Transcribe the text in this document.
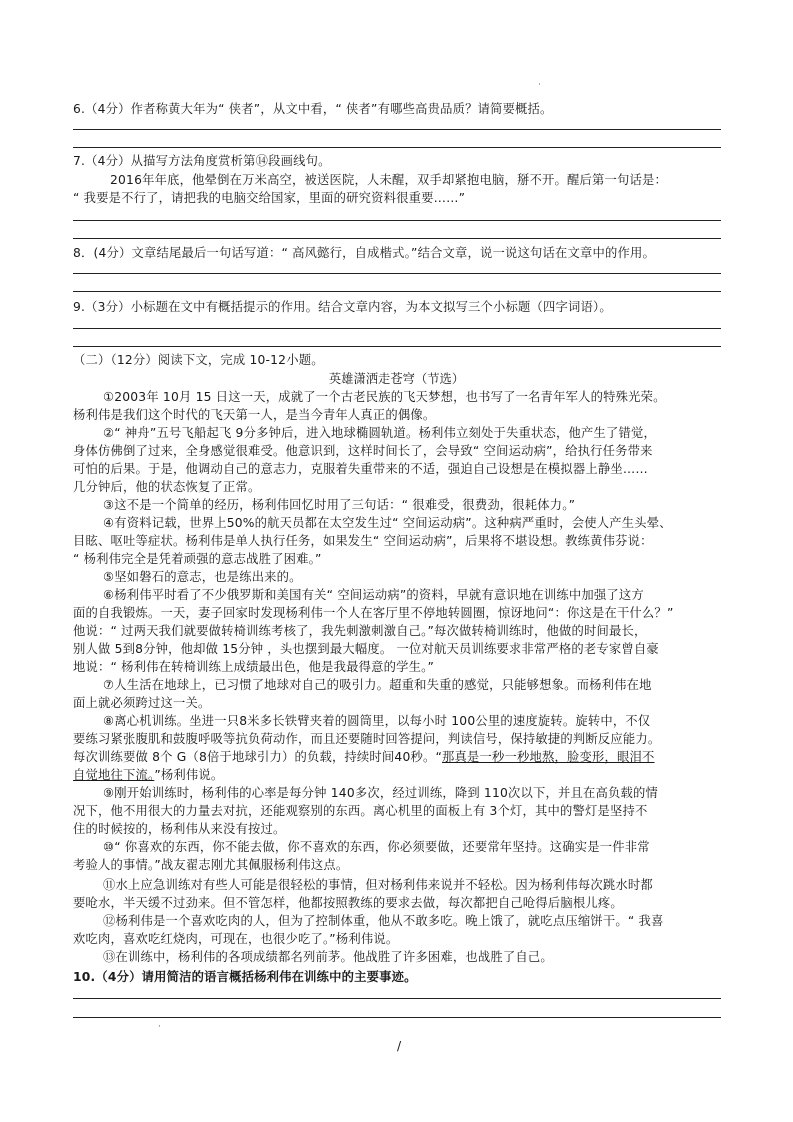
·
6.（4分）作者称黄大年为“ 侠者”，从文中看，“ 侠者”有哪些高贵品质？请简要概括。
7.（4分）从描写方法角度赏析第⑭段画线句。
2016年年底，他晕倒在万米高空，被送医院，人未醒，双手却紧抱电脑，掰不开。醒后第一句话是：
“ 我要是不行了，请把我的电脑交给国家，里面的研究资料很重要……”
8．(4分）文章结尾最后一句话写道：“ 高风懿行，自成楷式。”结合文章，说一说这句话在文章中的作用。
9.（3分）小标题在文中有概括提示的作用。结合文章内容，为本文拟写三个小标题（四字词语）。
（二）（12分）阅读下文，完成 10-12小题。
英雄潇洒走苍穹（节选）
①2003年 10月 15 日这一天，成就了一个古老民族的飞天梦想，也书写了一名青年军人的特殊光荣。
杨利伟是我们这个时代的飞天第一人，是当今青年人真正的偶像。
②“ 神舟”五号飞船起飞 9分多钟后，进入地球椭圆轨道。杨利伟立刻处于失重状态，他产生了错觉，
身体仿佛倒了过来，全身感觉很难受。他意识到，这样时间长了，会导致“ 空间运动病”，给执行任务带来
可怕的后果。于是，他调动自己的意志力，克服着失重带来的不适，强迫自己设想是在模拟器上静坐……
几分钟后，他的状态恢复了正常。
③这不是一个简单的经历，杨利伟回忆时用了三句话：“ 很难受，很费劲，很耗体力。”
④有资料记载，世界上50%的航天员都在太空发生过“ 空间运动病”。这种病严重时，会使人产生头晕、
目眩、呕吐等症状。杨利伟是单人执行任务，如果发生“ 空间运动病”，后果将不堪设想。教练黄伟芬说：
“ 杨利伟完全是凭着顽强的意志战胜了困难。”
⑤坚如磐石的意志，也是练出来的。
⑥杨利伟平时看了不少俄罗斯和美国有关“ 空间运动病”的资料，早就有意识地在训练中加强了这方
面的自我锻炼。一天，妻子回家时发现杨利伟一个人在客厅里不停地转圆圈，惊讶地问“：你这是在干什么？”
他说：“ 过两天我们就要做转椅训练考核了，我先刺激刺激自己。”每次做转椅训练时，他做的时间最长，
别人做 5到8分钟，他却做 15分钟 ，头也摆到最大幅度。 一位对航天员训练要求非常严格的老专家曾自豪
地说：“ 杨利伟在转椅训练上成绩最出色，他是我最得意的学生。”
⑦人生活在地球上，已习惯了地球对自己的吸引力。超重和失重的感觉，只能够想象。而杨利伟在地
面上就必须跨过这一关。
⑧离心机训练。坐进一只8米多长铁臂夹着的圆筒里，以每小时 100公里的速度旋转。旋转中，不仅
要练习紧张腹肌和鼓腹呼吸等抗负荷动作，而且还要随时回答提问，判读信号，保持敏捷的判断反应能力。
每次训练要做 8个 G（8倍于地球引力）的负载，持续时间40秒。“那真是一秒一秒地熬，脸变形，眼泪不
自觉地往下流。”杨利伟说。
⑨刚开始训练时，杨利伟的心率是每分钟 140多次，经过训练，降到 110次以下，并且在高负载的情
况下，他不用很大的力量去对抗，还能观察别的东西。离心机里的面板上有 3个灯，其中的警灯是坚持不
住的时候按的，杨利伟从来没有按过。
⑩“ 你喜欢的东西，你不能去做，你不喜欢的东西，你必须要做，还要常年坚持。这确实是一件非常
考验人的事情。”战友翟志刚尤其佩服杨利伟这点。
⑪水上应急训练对有些人可能是很轻松的事情，但对杨利伟来说并不轻松。因为杨利伟每次跳水时都
要呛水，半天缓不过劲来。但不管怎样，他都按照教练的要求去做，每次都把自己呛得后脑根儿疼。
⑫杨利伟是一个喜欢吃肉的人，但为了控制体重，他从不敢多吃。晚上饿了，就吃点压缩饼干。“ 我喜
欢吃肉，喜欢吃红烧肉，可现在，也很少吃了。”杨利伟说。
⑬在训练中，杨利伟的各项成绩都名列前茅。他战胜了许多困难，也战胜了自己。
10.（4分）请用简洁的语言概括杨利伟在训练中的主要事迹。
·
/
